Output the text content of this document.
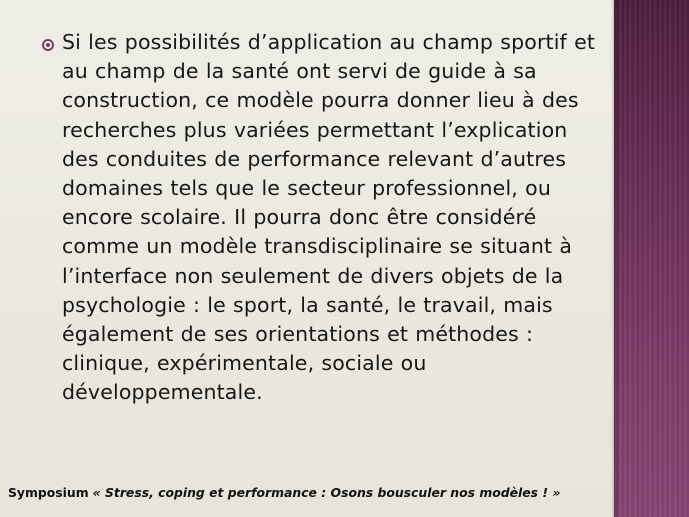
Si les possibilités d’application au champ sportif et au champ de la santé ont servi de guide à sa construction, ce modèle pourra donner lieu à des recherches plus variées permettant l’explication des conduites de performance relevant d’autres domaines tels que le secteur professionnel, ou encore scolaire. Il pourra donc être considéré comme un modèle transdisciplinaire se situant à l’interface non seulement de divers objets de la psychologie : le sport, la santé, le travail, mais également de ses orientations et méthodes : clinique, expérimentale, sociale ou développementale.

Symposium « Stress, coping et performance : Osons bousculer nos modèles ! »
